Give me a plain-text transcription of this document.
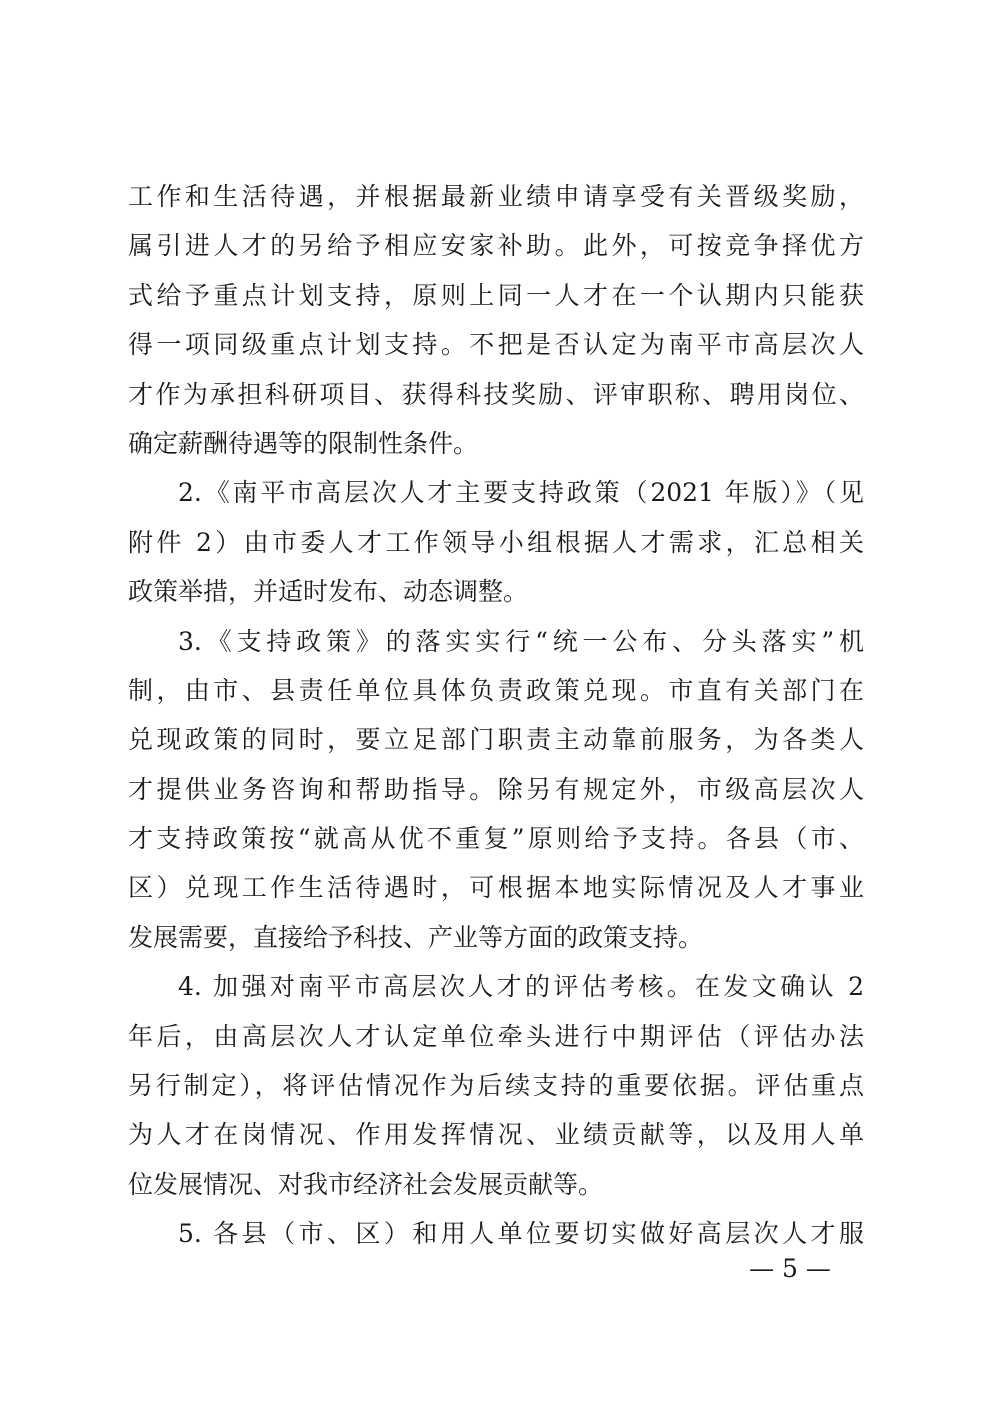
工作和生活待遇，并根据最新业绩申请享受有关晋级奖励，
属引进人才的另给予相应安家补助。此外，可按竞争择优方
式给予重点计划支持，原则上同一人才在一个认期内只能获
得一项同级重点计划支持。不把是否认定为南平市高层次人
才作为承担科研项目、获得科技奖励、评审职称、聘用岗位、
确定薪酬待遇等的限制性条件。
2.《南平市高层次人才主要支持政策（2021 年版）》（见
附件 2）由市委人才工作领导小组根据人才需求，汇总相关
政策举措，并适时发布、动态调整。
3.《支持政策》的落实实行“统一公布、分头落实”机
制，由市、县责任单位具体负责政策兑现。市直有关部门在
兑现政策的同时，要立足部门职责主动靠前服务，为各类人
才提供业务咨询和帮助指导。除另有规定外，市级高层次人
才支持政策按“就高从优不重复”原则给予支持。各县（市、
区）兑现工作生活待遇时，可根据本地实际情况及人才事业
发展需要，直接给予科技、产业等方面的政策支持。
4. 加强对南平市高层次人才的评估考核。在发文确认 2
年后，由高层次人才认定单位牵头进行中期评估（评估办法
另行制定），将评估情况作为后续支持的重要依据。评估重点
为人才在岗情况、作用发挥情况、业绩贡献等，以及用人单
位发展情况、对我市经济社会发展贡献等。
5. 各县（市、区）和用人单位要切实做好高层次人才服
— 5 —
